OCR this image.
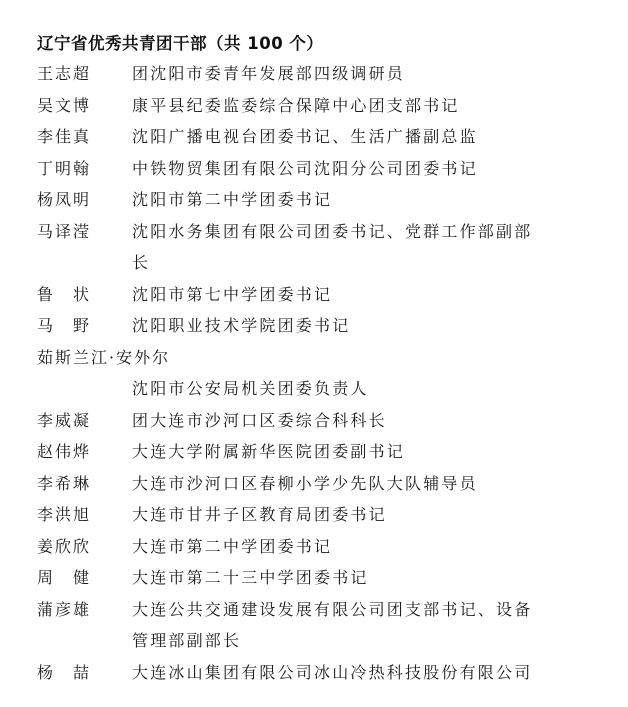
辽宁省优秀共青团干部（共 100 个）
王志超	团沈阳市委青年发展部四级调研员
吴文博	康平县纪委监委综合保障中心团支部书记
李佳真	沈阳广播电视台团委书记、生活广播副总监
丁明翰	中铁物贸集团有限公司沈阳分公司团委书记
杨凤明	沈阳市第二中学团委书记
马译滢	沈阳水务集团有限公司团委书记、党群工作部副部长
鲁　状	沈阳市第七中学团委书记
马　野	沈阳职业技术学院团委书记
茹斯兰江·安外尔
沈阳市公安局机关团委负责人
李威凝	团大连市沙河口区委综合科科长
赵伟烨	大连大学附属新华医院团委副书记
李希琳	大连市沙河口区春柳小学少先队大队辅导员
李洪旭	大连市甘井子区教育局团委书记
姜欣欣	大连市第二中学团委书记
周　健	大连市第二十三中学团委书记
蒲彦雄	大连公共交通建设发展有限公司团支部书记、设备管理部副部长
杨　喆	大连冰山集团有限公司冰山冷热科技股份有限公司
